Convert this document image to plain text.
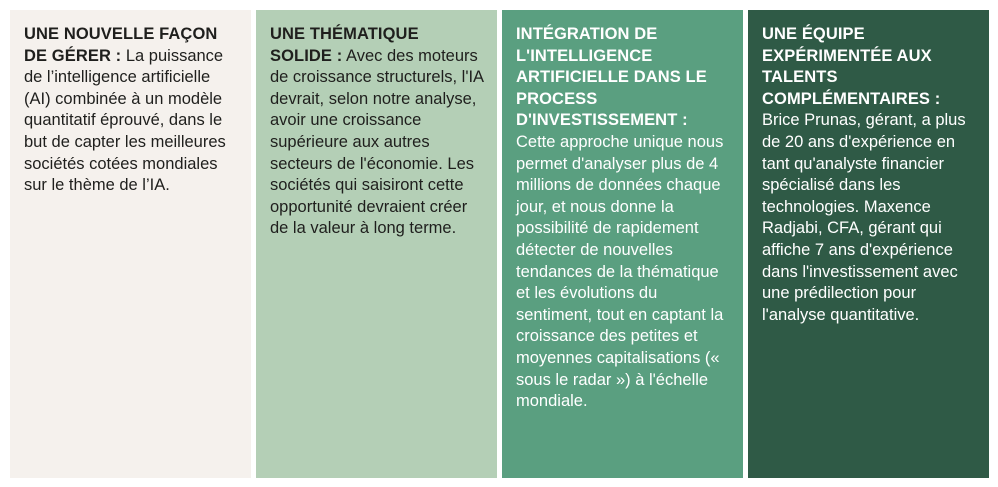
UNE NOUVELLE FAÇON DE GÉRER : La puissance de l’intelligence artificielle (AI) combinée à un modèle quantitatif éprouvé, dans le but de capter les meilleures sociétés cotées mondiales sur le thème de l’IA.

UNE THÉMATIQUE SOLIDE : Avec des moteurs de croissance structurels, l'IA devrait, selon notre analyse, avoir une croissance supérieure aux autres secteurs de l'économie. Les sociétés qui saisiront cette opportunité devraient créer de la valeur à long terme.

INTÉGRATION DE L'INTELLIGENCE ARTIFICIELLE DANS LE PROCESS D'INVESTISSEMENT : Cette approche unique nous permet d'analyser plus de 4 millions de données chaque jour, et nous donne la possibilité de rapidement détecter de nouvelles tendances de la thématique et les évolutions du sentiment, tout en captant la croissance des petites et moyennes capitalisations (« sous le radar ») à l'échelle mondiale.

UNE ÉQUIPE EXPÉRIMENTÉE AUX TALENTS COMPLÉMENTAIRES : Brice Prunas, gérant, a plus de 20 ans d'expérience en tant qu'analyste financier spécialisé dans les technologies. Maxence Radjabi, CFA, gérant qui affiche 7 ans d'expérience dans l'investissement avec une prédilection pour l'analyse quantitative.
